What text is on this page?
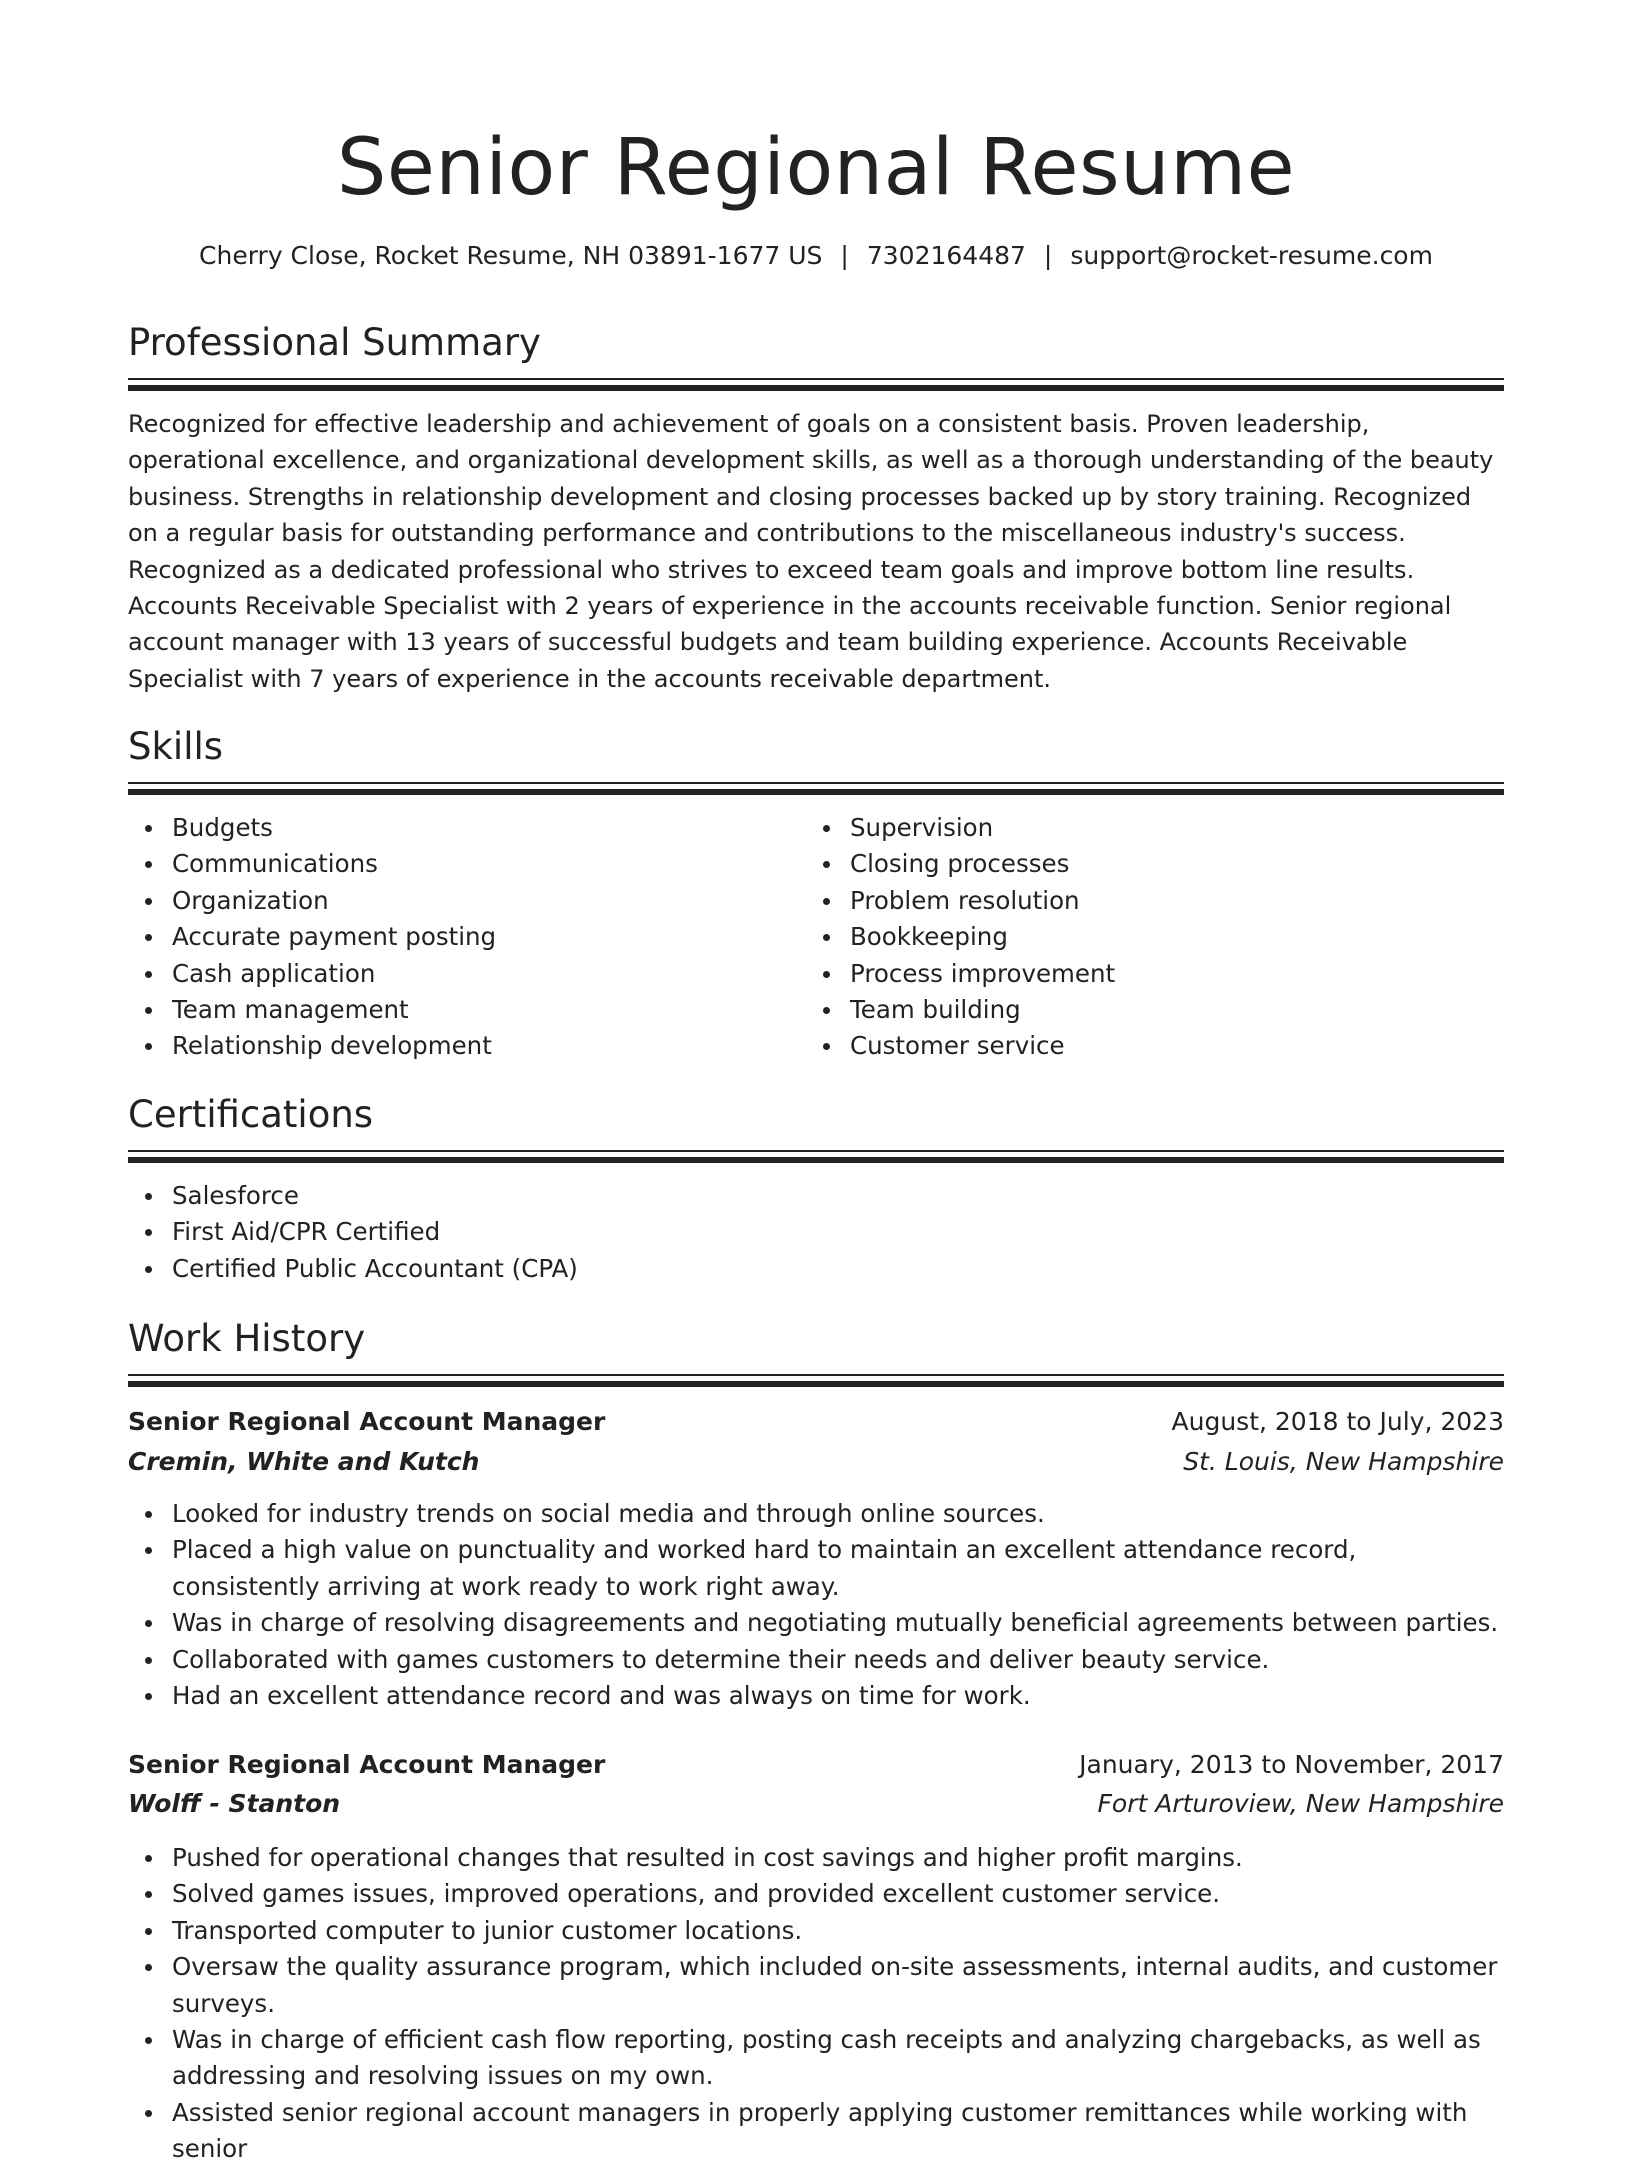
Senior Regional Resume
Cherry Close, Rocket Resume, NH 03891-1677 US | 7302164487 | support@rocket-resume.com
Professional Summary

Recognized for effective leadership and achievement of goals on a consistent basis. Proven leadership, operational excellence, and organizational development skills, as well as a thorough understanding of the beauty business. Strengths in relationship development and closing processes backed up by story training. Recognized on a regular basis for outstanding performance and contributions to the miscellaneous industry's success. Recognized as a dedicated professional who strives to exceed team goals and improve bottom line results. Accounts Receivable Specialist with 2 years of experience in the accounts receivable function. Senior regional account manager with 13 years of successful budgets and team building experience. Accounts Receivable Specialist with 7 years of experience in the accounts receivable department.

Skills
Budgets
Communications
Organization
Accurate payment posting
Cash application
Team management
Relationship development
Supervision
Closing processes
Problem resolution
Bookkeeping
Process improvement
Team building
Customer service
Certifications
Salesforce
First Aid/CPR Certified
Certified Public Accountant (CPA)
Work History
Senior Regional Account Manager	August, 2018 to July, 2023
Cremin, White and Kutch	St. Louis, New Hampshire
Looked for industry trends on social media and through online sources.
Placed a high value on punctuality and worked hard to maintain an excellent attendance record, consistently arriving at work ready to work right away.
Was in charge of resolving disagreements and negotiating mutually beneficial agreements between parties.
Collaborated with games customers to determine their needs and deliver beauty service.
Had an excellent attendance record and was always on time for work.
Senior Regional Account Manager	January, 2013 to November, 2017
Wolff - Stanton	Fort Arturoview, New Hampshire
Pushed for operational changes that resulted in cost savings and higher profit margins.
Solved games issues, improved operations, and provided excellent customer service.
Transported computer to junior customer locations.
Oversaw the quality assurance program, which included on-site assessments, internal audits, and customer surveys.
Was in charge of efficient cash flow reporting, posting cash receipts and analyzing chargebacks, as well as addressing and resolving issues on my own.
Assisted senior regional account managers in properly applying customer remittances while working with senior
